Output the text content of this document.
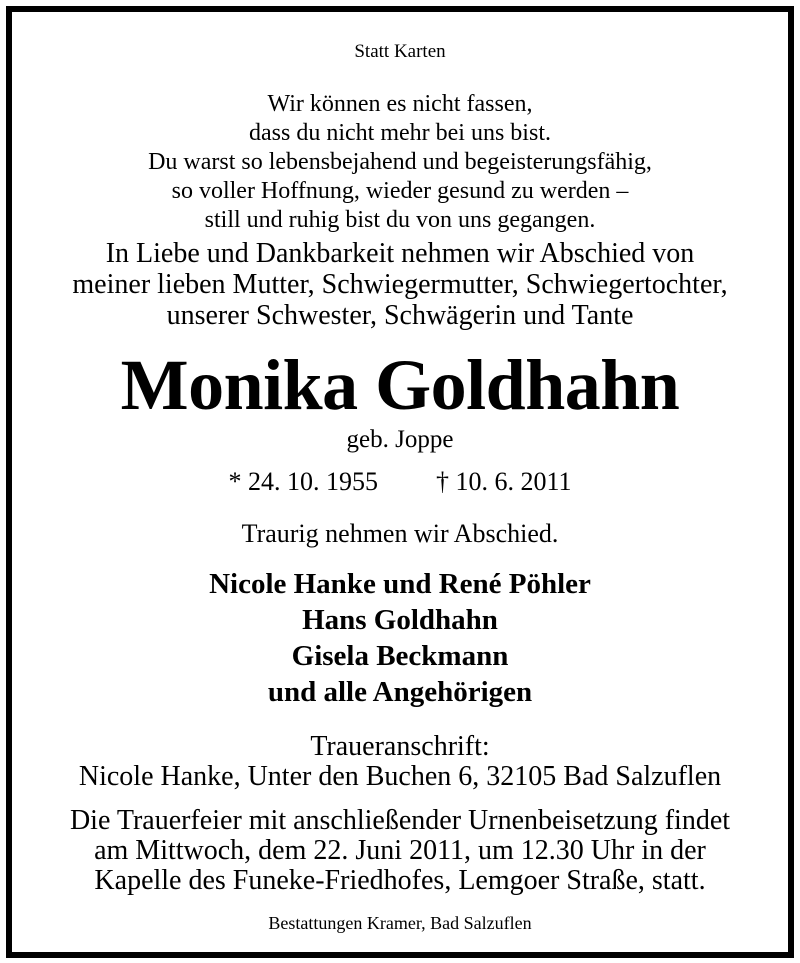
Statt Karten
Wir können es nicht fassen,
dass du nicht mehr bei uns bist.
Du warst so lebensbejahend und begeisterungsfähig,
so voller Hoffnung, wieder gesund zu werden –
still und ruhig bist du von uns gegangen.
In Liebe und Dankbarkeit nehmen wir Abschied von
meiner lieben Mutter, Schwiegermutter, Schwiegertochter,
unserer Schwester, Schwägerin und Tante
Monika Goldhahn
geb. Joppe
* 24. 10. 1955 † 10. 6. 2011
Traurig nehmen wir Abschied.
Nicole Hanke und René Pöhler
Hans Goldhahn
Gisela Beckmann
und alle Angehörigen
Traueranschrift:
Nicole Hanke, Unter den Buchen 6, 32105 Bad Salzuflen
Die Trauerfeier mit anschließender Urnenbeisetzung findet
am Mittwoch, dem 22. Juni 2011, um 12.30 Uhr in der
Kapelle des Funeke-Friedhofes, Lemgoer Straße, statt.
Bestattungen Kramer, Bad Salzuflen
